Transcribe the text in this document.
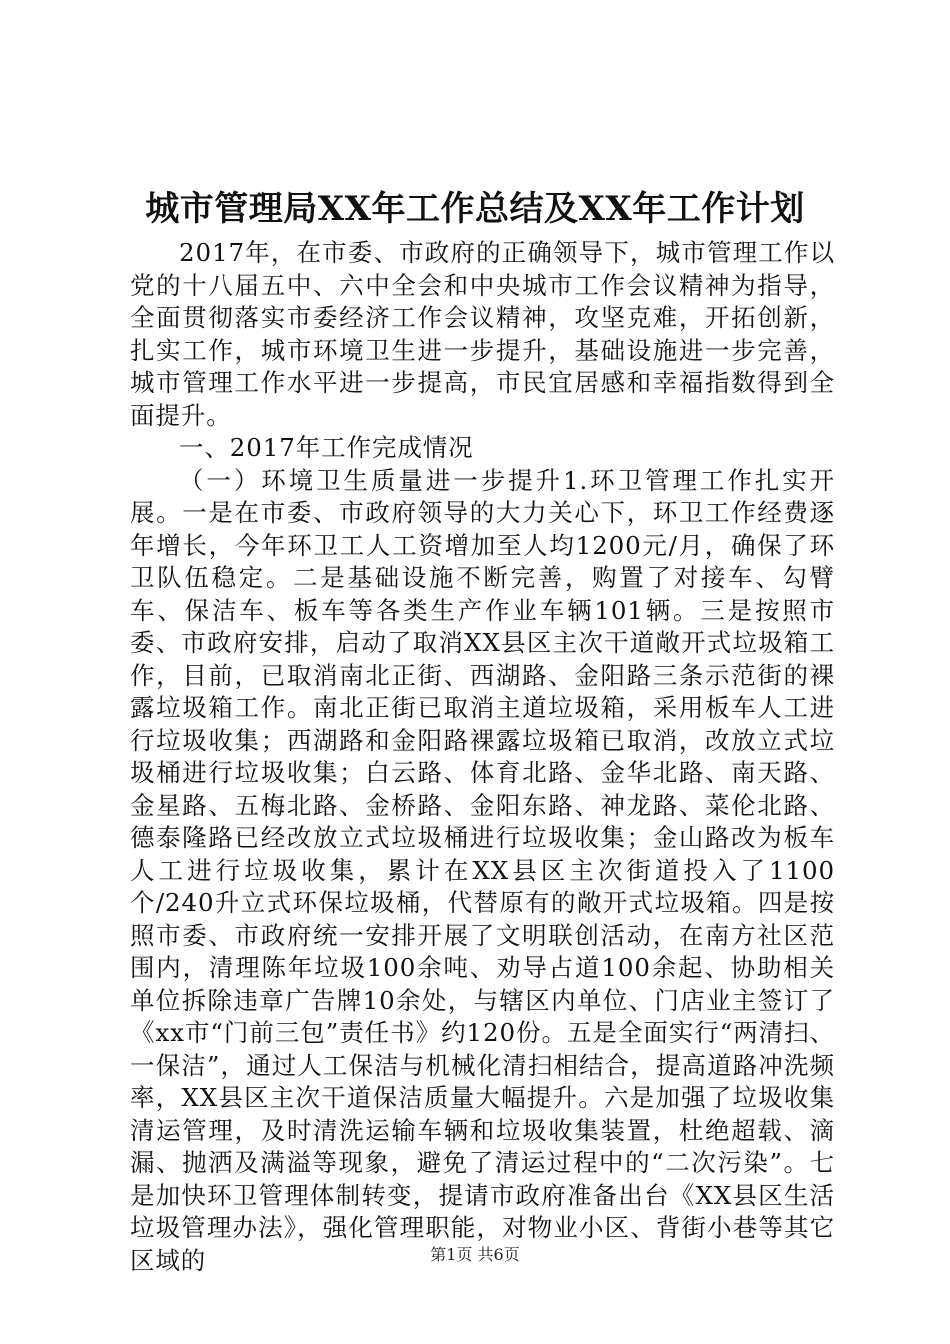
城市管理局XX年工作总结及XX年工作计划

2017年，在市委、市政府的正确领导下，城市管理工作以党的十八届五中、六中全会和中央城市工作会议精神为指导，全面贯彻落实市委经济工作会议精神，攻坚克难，开拓创新，扎实工作，城市环境卫生进一步提升，基础设施进一步完善，城市管理工作水平进一步提高，市民宜居感和幸福指数得到全面提升。

一、2017年工作完成情况

（一）环境卫生质量进一步提升1.环卫管理工作扎实开展。一是在市委、市政府领导的大力关心下，环卫工作经费逐年增长，今年环卫工人工资增加至人均1200元/月，确保了环卫队伍稳定。二是基础设施不断完善，购置了对接车、勾臂车、保洁车、板车等各类生产作业车辆101辆。三是按照市委、市政府安排，启动了取消XX县区主次干道敞开式垃圾箱工作，目前，已取消南北正街、西湖路、金阳路三条示范街的裸露垃圾箱工作。南北正街已取消主道垃圾箱，采用板车人工进行垃圾收集；西湖路和金阳路裸露垃圾箱已取消，改放立式垃圾桶进行垃圾收集；白云路、体育北路、金华北路、南天路、金星路、五梅北路、金桥路、金阳东路、神龙路、菜伦北路、德泰隆路已经改放立式垃圾桶进行垃圾收集；金山路改为板车人工进行垃圾收集，累计在XX县区主次街道投入了1100个/240升立式环保垃圾桶，代替原有的敞开式垃圾箱。四是按照市委、市政府统一安排开展了文明联创活动，在南方社区范围内，清理陈年垃圾100余吨、劝导占道100余起、协助相关单位拆除违章广告牌10余处，与辖区内单位、门店业主签订了《xx市“门前三包”责任书》约120份。五是全面实行“两清扫、一保洁”，通过人工保洁与机械化清扫相结合，提高道路冲洗频率，XX县区主次干道保洁质量大幅提升。六是加强了垃圾收集清运管理，及时清洗运输车辆和垃圾收集装置，杜绝超载、滴漏、抛洒及满溢等现象，避免了清运过程中的“二次污染”。七是加快环卫管理体制转变，提请市政府准备出台《XX县区生活垃圾管理办法》，强化管理职能，对物业小区、背街小巷等其它区域的	第1页 共6页
